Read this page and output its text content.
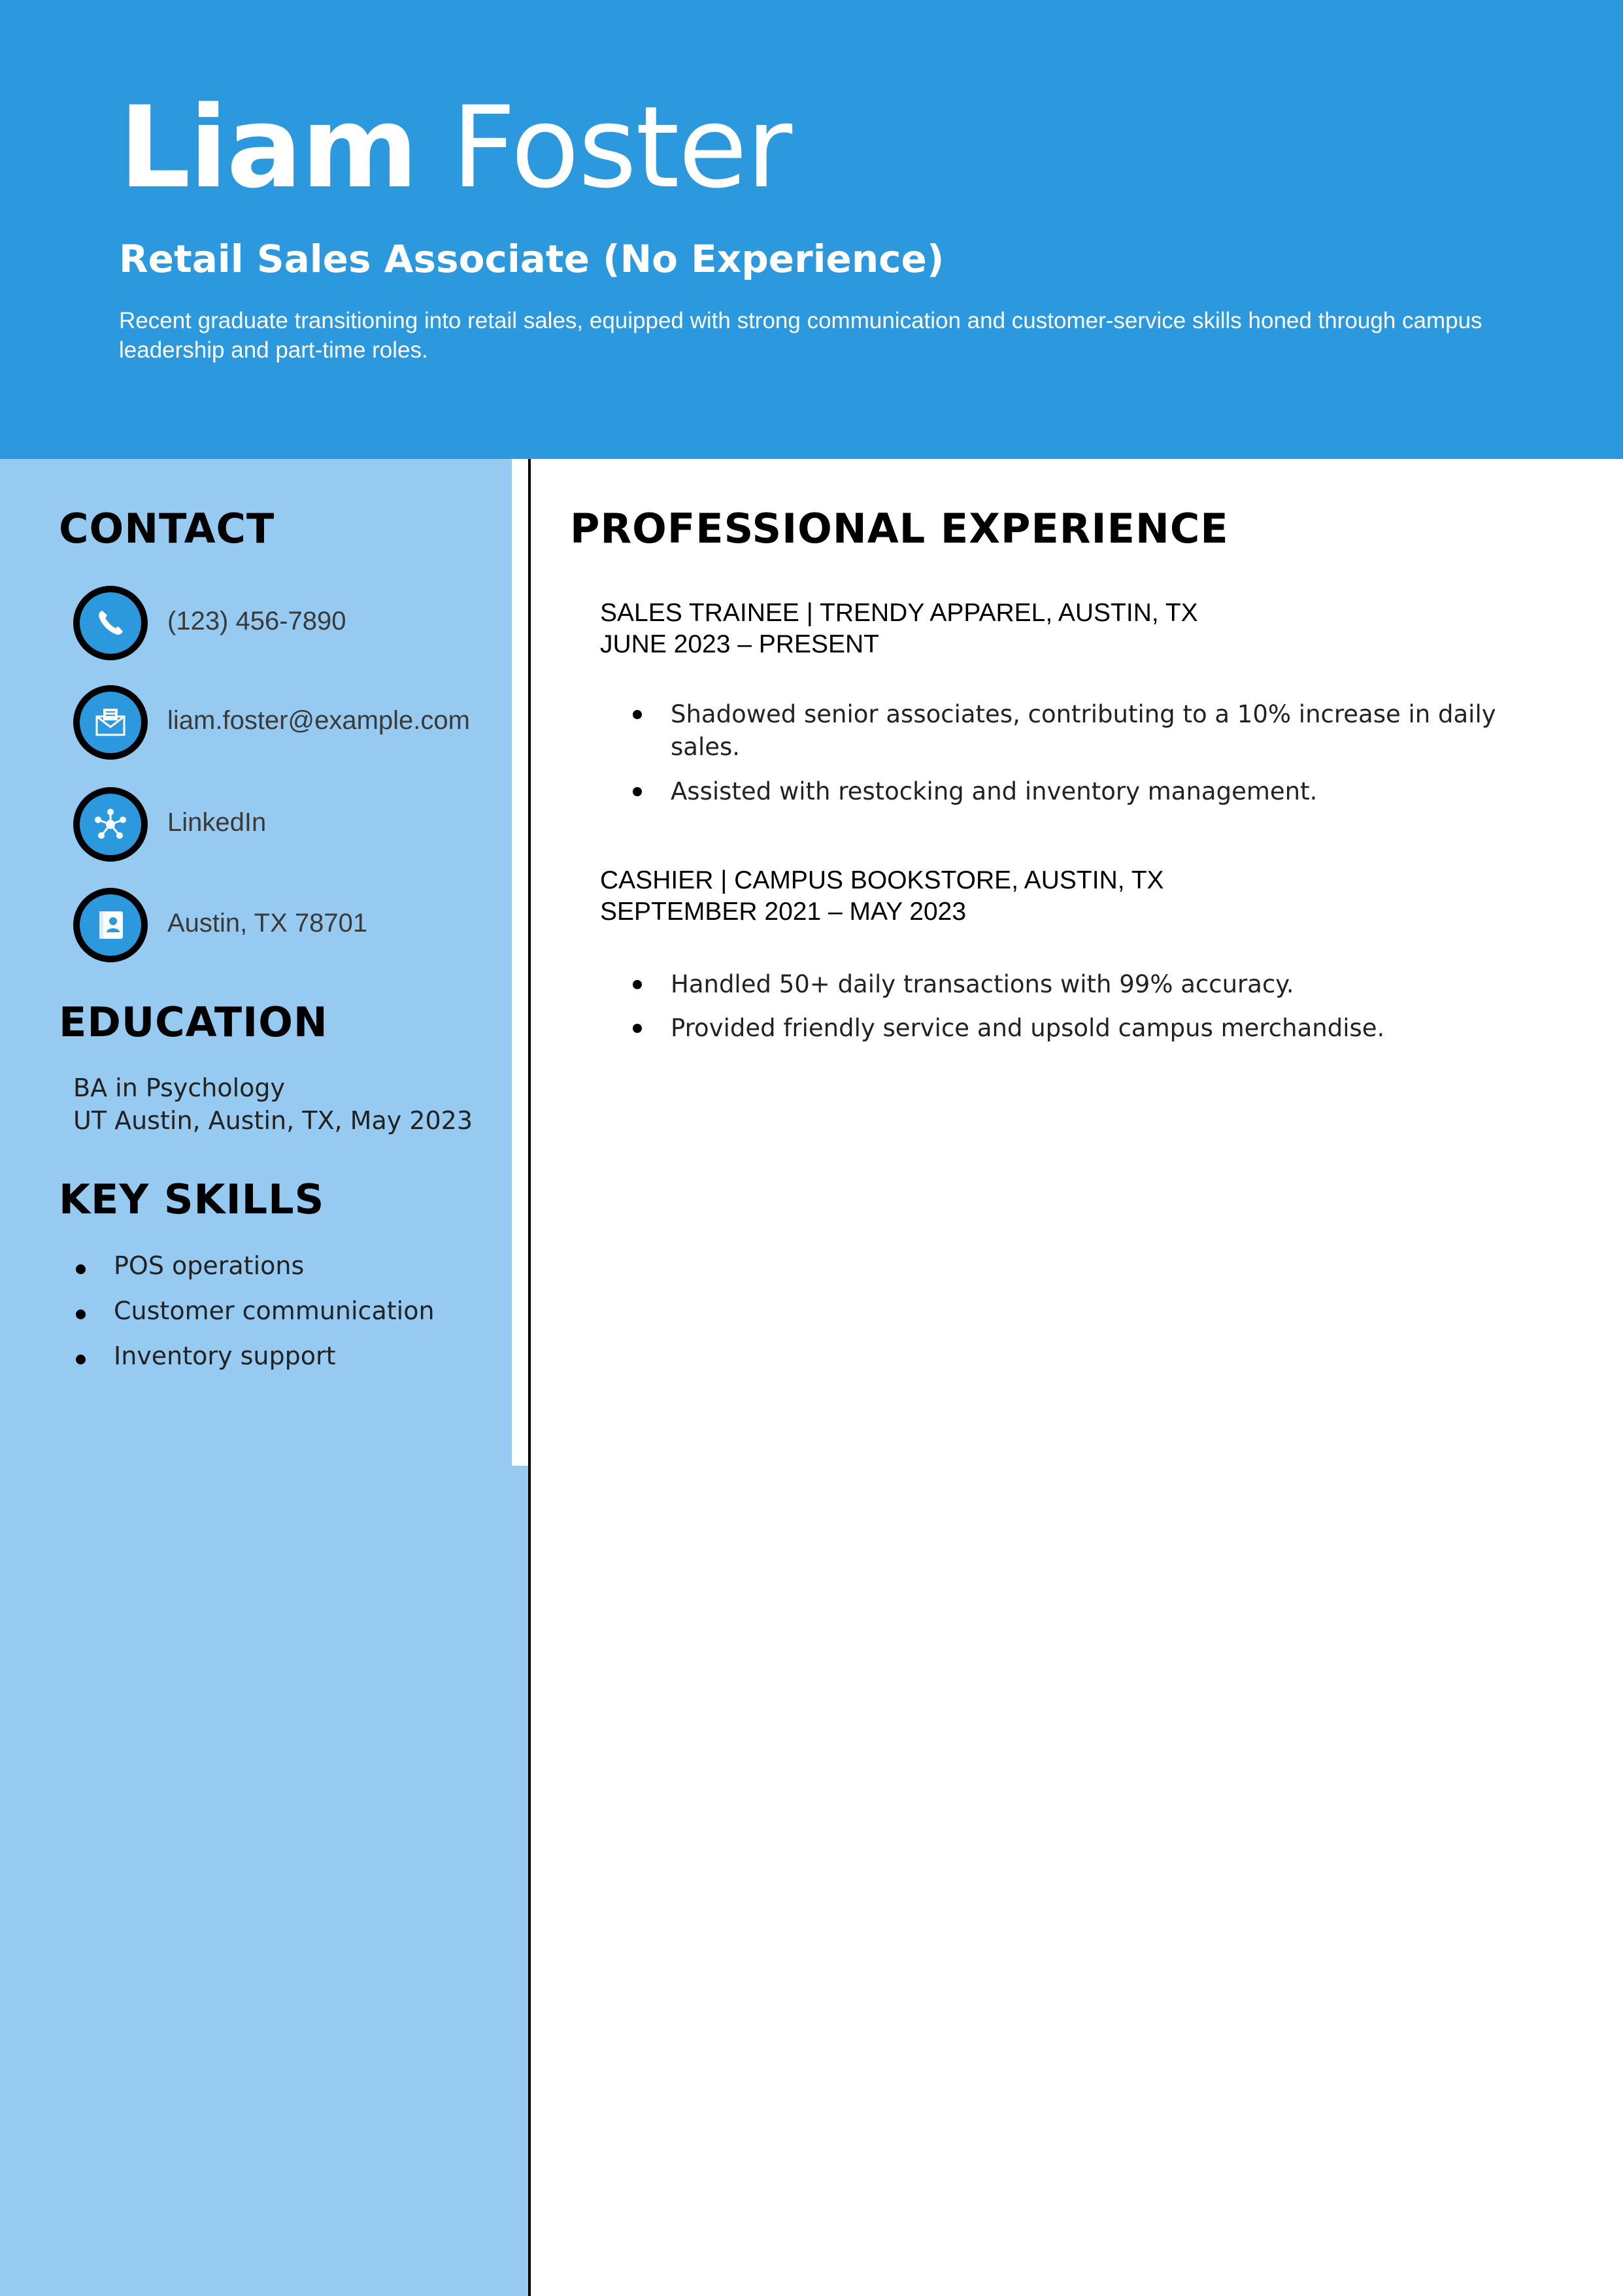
Liam Foster
Retail Sales Associate (No Experience)
Recent graduate transitioning into retail sales, equipped with strong communication and customer-service skills honed through campus leadership and part-time roles.
CONTACT
(123) 456-7890
liam.foster@example.com
LinkedIn
Austin, TX 78701
EDUCATION
BA in Psychology
UT Austin, Austin, TX, May 2023
KEY SKILLS
POS operations
Customer communication
Inventory support
PROFESSIONAL EXPERIENCE
SALES TRAINEE | TRENDY APPAREL, AUSTIN, TX
JUNE 2023 – PRESENT
Shadowed senior associates, contributing to a 10% increase in daily sales.
Assisted with restocking and inventory management.
CASHIER | CAMPUS BOOKSTORE, AUSTIN, TX
SEPTEMBER 2021 – MAY 2023
Handled 50+ daily transactions with 99% accuracy.
Provided friendly service and upsold campus merchandise.
